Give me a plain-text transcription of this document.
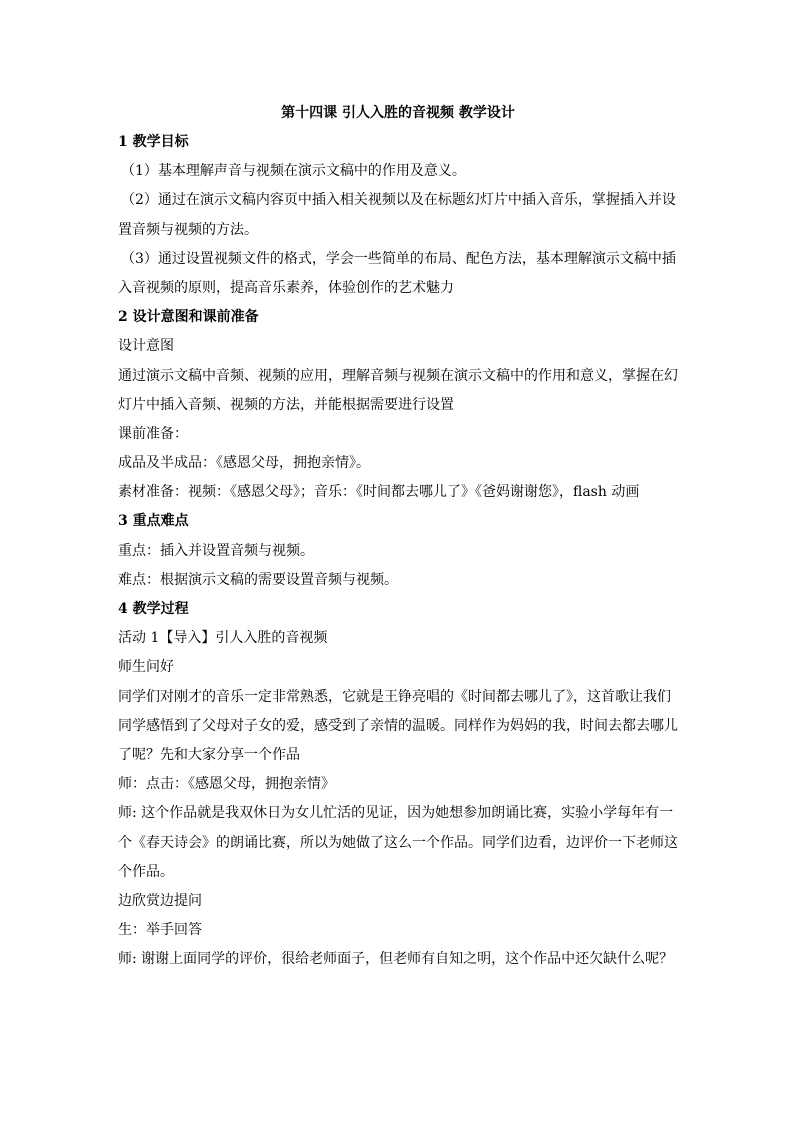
第十四课 引人入胜的音视频 教学设计

1 教学目标

（1）基本理解声音与视频在演示文稿中的作用及意义。

（2）通过在演示文稿内容页中插入相关视频以及在标题幻灯片中插入音乐，掌握插入并设

置音频与视频的方法。

（3）通过设置视频文件的格式，学会一些简单的布局、配色方法，基本理解演示文稿中插

入音视频的原则，提高音乐素养，体验创作的艺术魅力

2 设计意图和课前准备

设计意图

通过演示文稿中音频、视频的应用，理解音频与视频在演示文稿中的作用和意义，掌握在幻

灯片中插入音频、视频的方法，并能根据需要进行设置

课前准备：

成品及半成品：《感恩父母，拥抱亲情》。

素材准备：视频：《感恩父母》；音乐：《时间都去哪儿了》《爸妈谢谢您》，flash 动画

3 重点难点

重点：插入并设置音频与视频。

难点：根据演示文稿的需要设置音频与视频。

4 教学过程

活动 1【导入】引人入胜的音视频

师生问好

同学们对刚才的音乐一定非常熟悉，它就是王铮亮唱的《时间都去哪儿了》，这首歌让我们

同学感悟到了父母对子女的爱，感受到了亲情的温暖。同样作为妈妈的我，时间去都去哪儿

了呢？先和大家分享一个作品

师：点击：《感恩父母，拥抱亲情》

师: 这个作品就是我双休日为女儿忙活的见证，因为她想参加朗诵比赛，实验小学每年有一

个《春天诗会》的朗诵比赛，所以为她做了这么一个作品。同学们边看，边评价一下老师这

个作品。

边欣赏边提问

生：举手回答

师: 谢谢上面同学的评价，很给老师面子，但老师有自知之明，这个作品中还欠缺什么呢？
